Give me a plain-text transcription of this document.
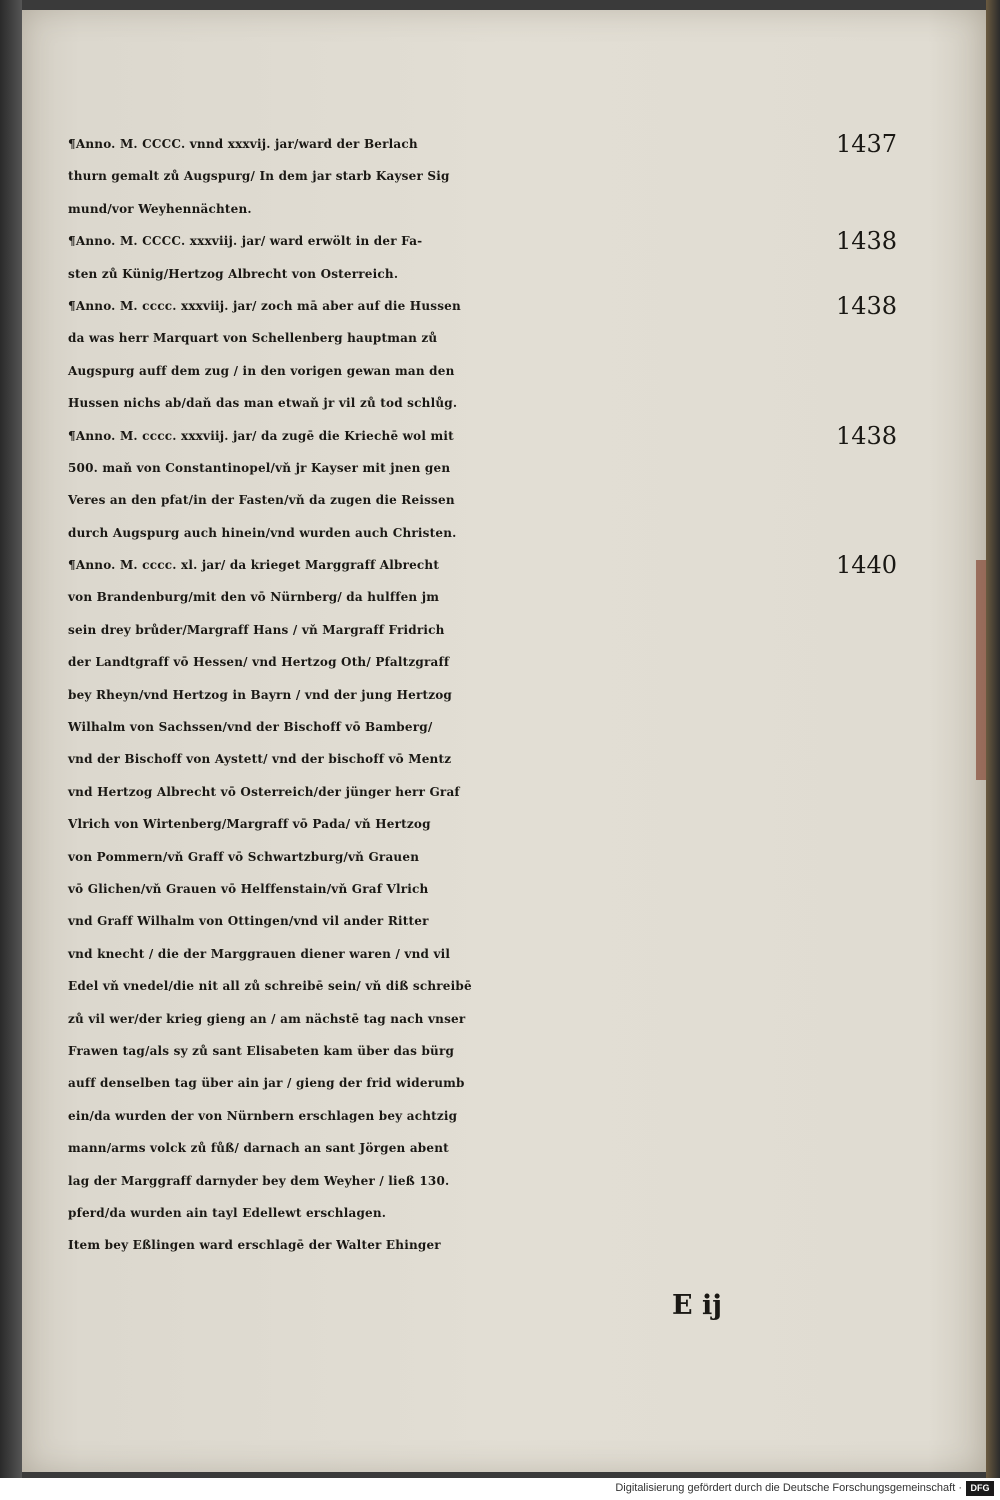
¶Anno. M. CCCC. vnnd xxxvij. jar/ward der Berlach
thurn gemalt zů Augspurg/ In dem jar starb Kayser Sig
mund/vor Weyhennächten.
¶Anno. M. CCCC. xxxviij. jar/ ward erwölt in der Fa-
sten zů Künig/Hertzog Albrecht von Osterreich.
¶Anno. M. cccc. xxxviij. jar/ zoch mā aber auf die Hussen
da was herr Marquart von Schellenberg hauptman zů
Augspurg auff dem zug / in den vorigen gewan man den
Hussen nichs ab/daň das man etwaň jr vil zů tod schlůg.
¶Anno. M. cccc. xxxviij. jar/ da zugē die Kriechē wol mit
500. maň von Constantinopel/vň jr Kayser mit jnen gen
Veres an den pfat/in der Fasten/vň da zugen die Reissen
durch Augspurg auch hinein/vnd wurden auch Christen.
¶Anno. M. cccc. xl. jar/ da krieget Marggraff Albrecht
von Brandenburg/mit den vō Nürnberg/ da hulffen jm
sein drey brůder/Margraff Hans / vň Margraff Fridrich
der Landtgraff vō Hessen/ vnd Hertzog Oth/ Pfaltzgraff
bey Rheyn/vnd Hertzog in Bayrn / vnd der jung Hertzog
Wilhalm von Sachssen/vnd der Bischoff vō Bamberg/
vnd der Bischoff von Aystett/ vnd der bischoff vō Mentz
vnd Hertzog Albrecht vō Osterreich/der jünger herr Graf
Vlrich von Wirtenberg/Margraff vō Pada/ vň Hertzog
von Pommern/vň Graff vō Schwartzburg/vň Grauen
vō Glichen/vň Grauen vō Helffenstain/vň Graf Vlrich
vnd Graff Wilhalm von Ottingen/vnd vil ander Ritter
vnd knecht / die der Marggrauen diener waren / vnd vil
Edel vň vnedel/die nit all zů schreibē sein/ vň diß schreibē
zů vil wer/der krieg gieng an / am nächstē tag nach vnser
Frawen tag/als sy zů sant Elisabeten kam über das bürg
auff denselben tag über ain jar / gieng der frid widerumb
ein/da wurden der von Nürnbern erschlagen bey achtzig
mann/arms volck zů fůß/ darnach an sant Jörgen abent
lag der Marggraff darnyder bey dem Weyher / ließ 130.
pferd/da wurden ain tayl Edellewt erschlagen.
Item bey Eßlingen ward erschlagē der Walter Ehinger
1437
1438
1438
1438
1440
E ij
Digitalisierung gefördert durch die Deutsche Forschungsgemeinschaft · DFG
